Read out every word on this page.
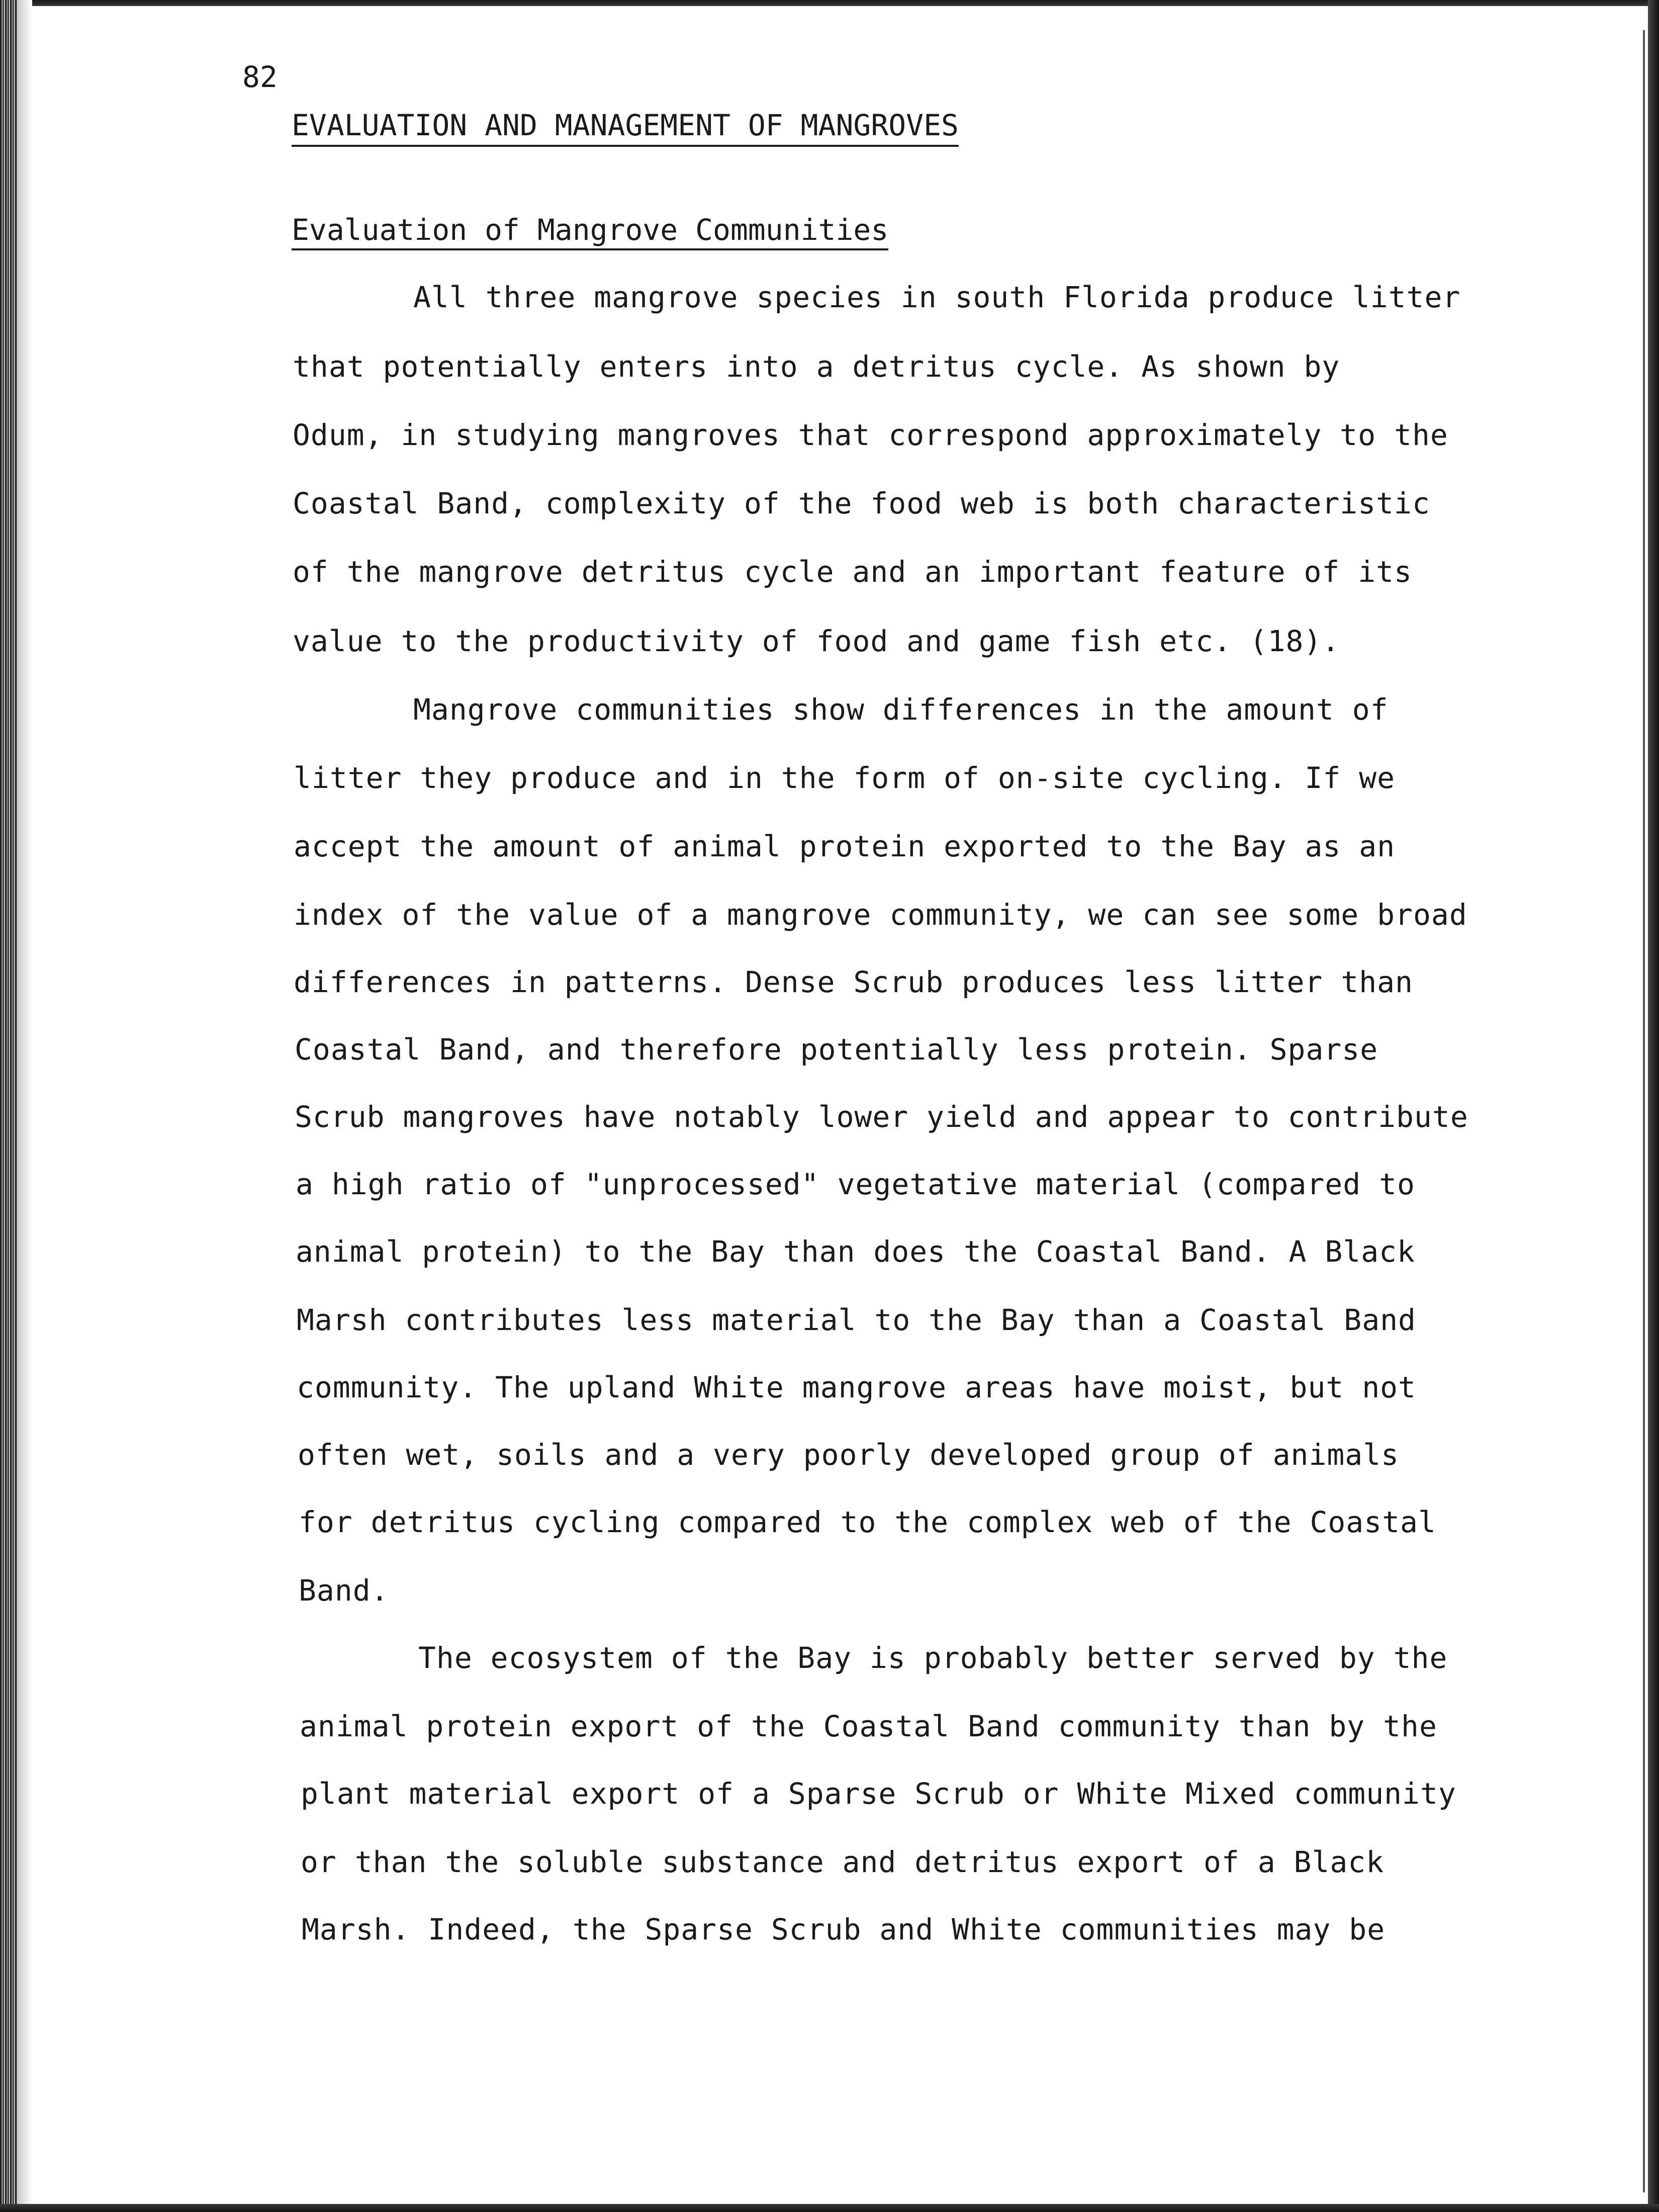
82
EVALUATION AND MANAGEMENT OF MANGROVES
Evaluation of Mangrove Communities
All three mangrove species in south Florida produce litter
that potentially enters into a detritus cycle. As shown by
Odum, in studying mangroves that correspond approximately to the
Coastal Band, complexity of the food web is both characteristic
of the mangrove detritus cycle and an important feature of its
value to the productivity of food and game fish etc. (18).
Mangrove communities show differences in the amount of
litter they produce and in the form of on-site cycling. If we
accept the amount of animal protein exported to the Bay as an
index of the value of a mangrove community, we can see some broad
differences in patterns. Dense Scrub produces less litter than
Coastal Band, and therefore potentially less protein. Sparse
Scrub mangroves have notably lower yield and appear to contribute
a high ratio of "unprocessed" vegetative material (compared to
animal protein) to the Bay than does the Coastal Band. A Black
Marsh contributes less material to the Bay than a Coastal Band
community. The upland White mangrove areas have moist, but not
often wet, soils and a very poorly developed group of animals
for detritus cycling compared to the complex web of the Coastal
Band.
The ecosystem of the Bay is probably better served by the
animal protein export of the Coastal Band community than by the
plant material export of a Sparse Scrub or White Mixed community
or than the soluble substance and detritus export of a Black
Marsh. Indeed, the Sparse Scrub and White communities may be
